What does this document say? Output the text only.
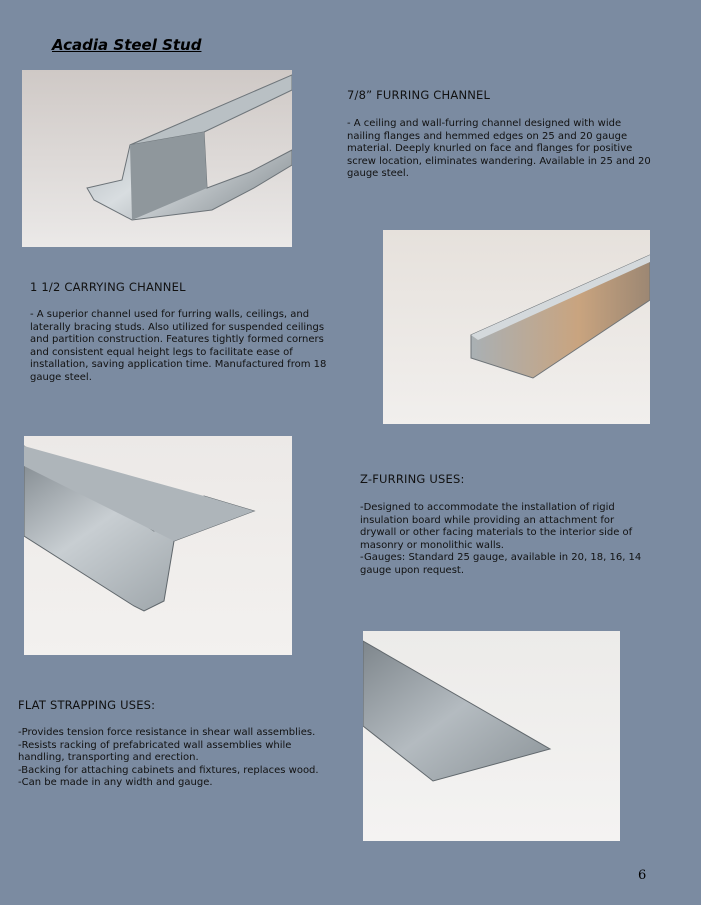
Acadia Steel Stud
7/8” FURRING CHANNEL
- A ceiling and wall-furring channel designed with wide
nailing flanges and hemmed edges on 25 and 20 gauge
material. Deeply knurled on face and flanges for positive
screw location, eliminates wandering. Available in 25 and 20
gauge steel.
1 1/2 CARRYING CHANNEL
- A superior channel used for furring walls, ceilings, and
laterally bracing studs. Also utilized for suspended ceilings
and partition construction. Features tightly formed corners
and consistent equal height legs to facilitate ease of
installation, saving application time. Manufactured from 18
gauge steel.
Z-FURRING USES:
-Designed to accommodate the installation of rigid
insulation board while providing an attachment for
drywall or other facing materials to the interior side of
masonry or monolithic walls.
-Gauges: Standard 25 gauge, available in 20, 18, 16, 14
gauge upon request.
FLAT STRAPPING USES:
-Provides tension force resistance in shear wall assemblies.
-Resists racking of prefabricated wall assemblies while
handling, transporting and erection.
-Backing for attaching cabinets and fixtures, replaces wood.
-Can be made in any width and gauge.
6
